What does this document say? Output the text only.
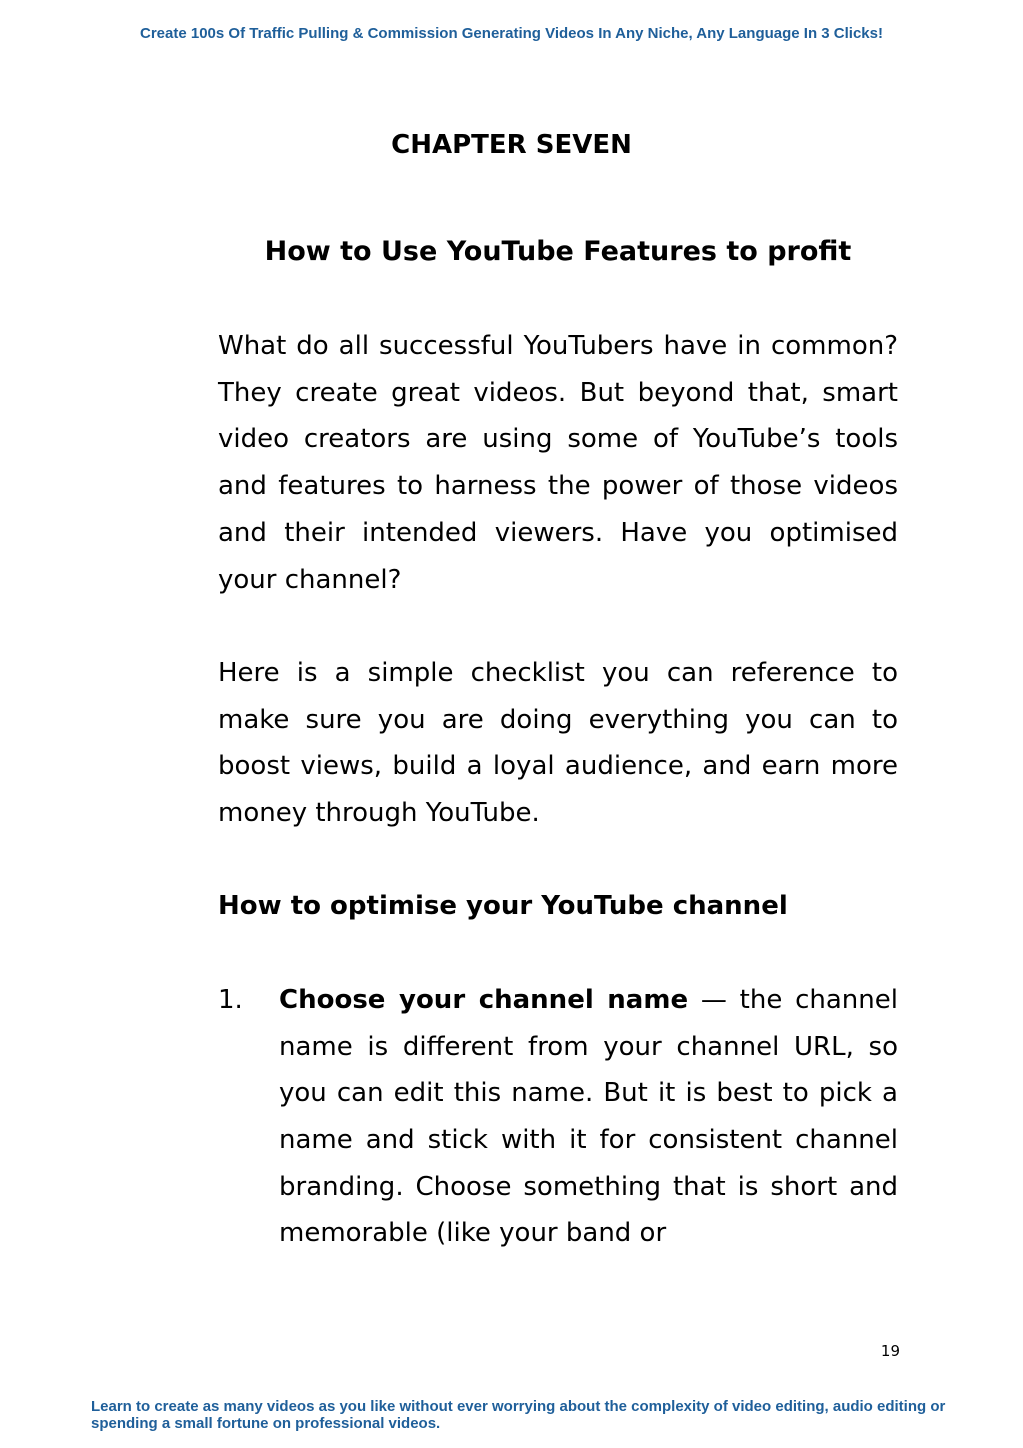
Create 100s Of Traffic Pulling & Commission Generating Videos In Any Niche, Any Language In 3 Clicks!
CHAPTER SEVEN
How to Use YouTube Features to profit

What do all successful YouTubers have in common? They create great videos. But beyond that, smart video creators are using some of YouTube’s tools and features to harness the power of those videos and their intended viewers. Have you optimised your channel?

Here is a simple checklist you can reference to make sure you are doing everything you can to boost views, build a loyal audience, and earn more money through YouTube.

How to optimise your YouTube channel
1.	Choose your channel name — the channel name is different from your channel URL, so you can edit this name. But it is best to pick a name and stick with it for consistent channel branding. Choose something that is short and memorable (like your band or
19
Learn to create as many videos as you like without ever worrying about the complexity of video editing, audio editing or spending a small fortune on professional videos.
